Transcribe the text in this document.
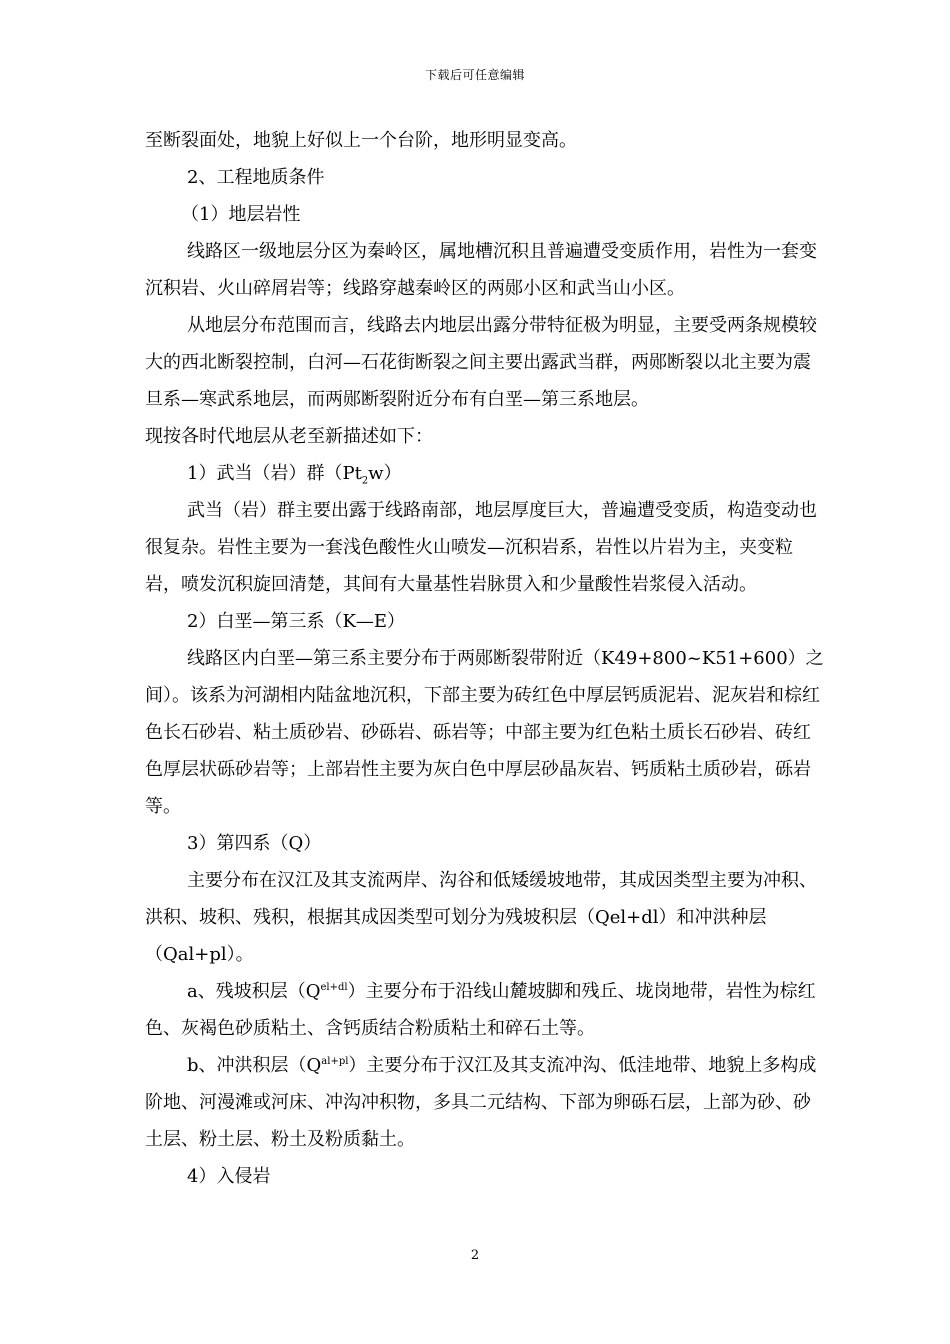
下载后可任意编辑

至断裂面处，地貌上好似上一个台阶，地形明显变高。

2、工程地质条件

（1）地层岩性

线路区一级地层分区为秦岭区，属地槽沉积且普遍遭受变质作用，岩性为一套变沉积岩、火山碎屑岩等；线路穿越秦岭区的两郧小区和武当山小区。

从地层分布范围而言，线路去内地层出露分带特征极为明显，主要受两条规模较大的西北断裂控制，白河—石花街断裂之间主要出露武当群，两郧断裂以北主要为震旦系—寒武系地层，而两郧断裂附近分布有白垩—第三系地层。

现按各时代地层从老至新描述如下：

1）武当（岩）群$(Pt_2w)$

武当（岩）群主要出露于线路南部，地层厚度巨大，普遍遭受变质，构造变动也很复杂。岩性主要为一套浅色酸性火山喷发—沉积岩系，岩性以片岩为主，夹变粒岩，喷发沉积旋回清楚，其间有大量基性岩脉贯入和少量酸性岩浆侵入活动。

2）白垩—第三系（K—E）

线路区内白垩—第三系主要分布于两郧断裂带附近（K49+800~K51+600）之间）。该系为河湖相内陆盆地沉积，下部主要为砖红色中厚层钙质泥岩、泥灰岩和棕红色长石砂岩、粘土质砂岩、砂砾岩、砾岩等；中部主要为红色粘土质长石砂岩、砖红色厚层状砾砂岩等；上部岩性主要为灰白色中厚层砂晶灰岩、钙质粘土质砂岩，砾岩等。

3）第四系（Q）

主要分布在汉江及其支流两岸、沟谷和低矮缓坡地带，其成因类型主要为冲积、洪积、坡积、残积，根据其成因类型可划分为残坡积层（Qel+dl）和冲洪种层（Qal+pl）。

a、残坡积层$(Q^{el+dl})$主要分布于沿线山麓坡脚和残丘、垅岗地带，岩性为棕红色、灰褐色砂质粘土、含钙质结合粉质粘土和碎石土等。

b、冲洪积层$(Q^{al+pl})$主要分布于汉江及其支流冲沟、低洼地带、地貌上多构成阶地、河漫滩或河床、冲沟冲积物，多具二元结构、下部为卵砾石层，上部为砂、砂土层、粉土层、粉土及粉质黏土。

4）入侵岩

2
